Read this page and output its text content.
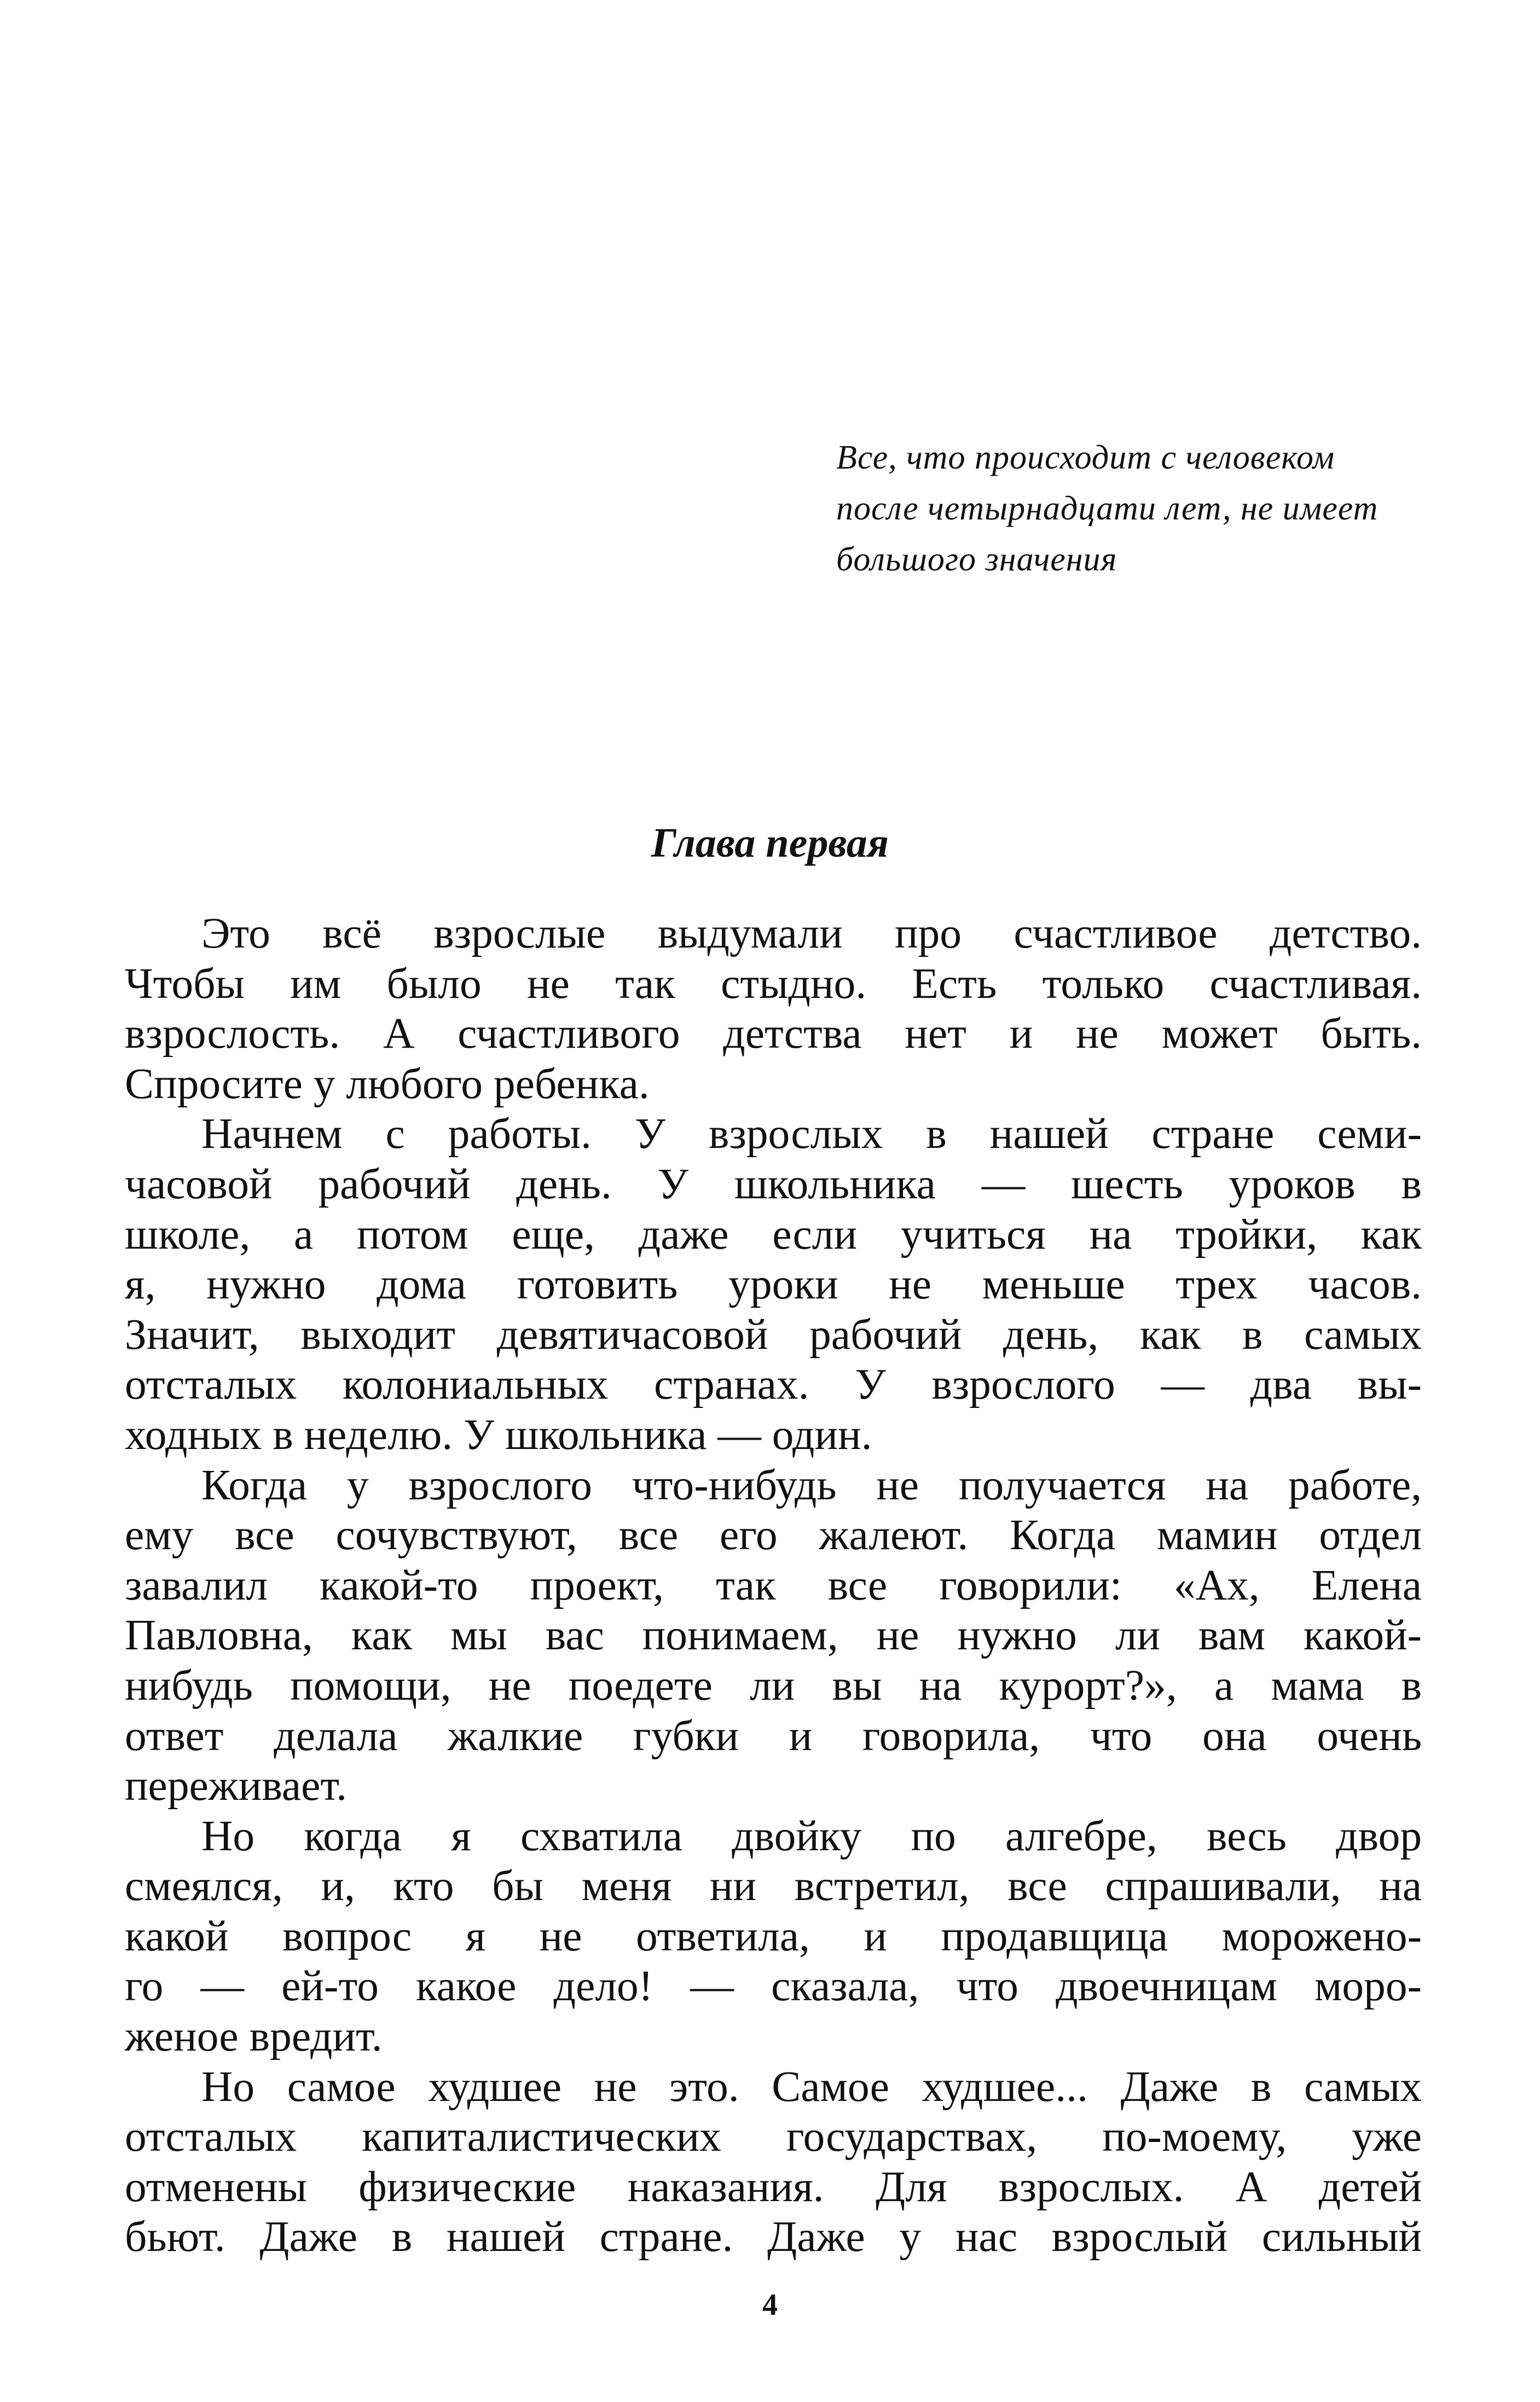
Все, что происходит с человеком
после четырнадцати лет, не имеет
большого значения
Глава первая

Это всё взрослые выдумали про счастливое детство.
Чтобы им было не так стыдно. Есть только счастливая.
взрослость. А счастливого детства нет и не может быть.
Спросите у любого ребенка.

Начнем с работы. У взрослых в нашей стране семи-
часовой рабочий день. У школьника — шесть уроков в
школе, а потом еще, даже если учиться на тройки, как
я, нужно дома готовить уроки не меньше трех часов.
Значит, выходит девятичасовой рабочий день, как в самых
отсталых колониальных странах. У взрослого — два вы-
ходных в неделю. У школьника — один.

Когда у взрослого что-нибудь не получается на работе,
ему все сочувствуют, все его жалеют. Когда мамин отдел
завалил какой-то проект, так все говорили: «Ах, Елена
Павловна, как мы вас понимаем, не нужно ли вам какой-
нибудь помощи, не поедете ли вы на курорт?», а мама в
ответ делала жалкие губки и говорила, что она очень
переживает.

Но когда я схватила двойку по алгебре, весь двор
смеялся, и, кто бы меня ни встретил, все спрашивали, на
какой вопрос я не ответила, и продавщица морожено-
го — ей-то какое дело! — сказала, что двоечницам моро-
женое вредит.

Но самое худшее не это. Самое худшее... Даже в самых
отсталых капиталистических государствах, по-моему, уже
отменены физические наказания. Для взрослых. А детей
бьют. Даже в нашей стране. Даже у нас взрослый сильный

4
